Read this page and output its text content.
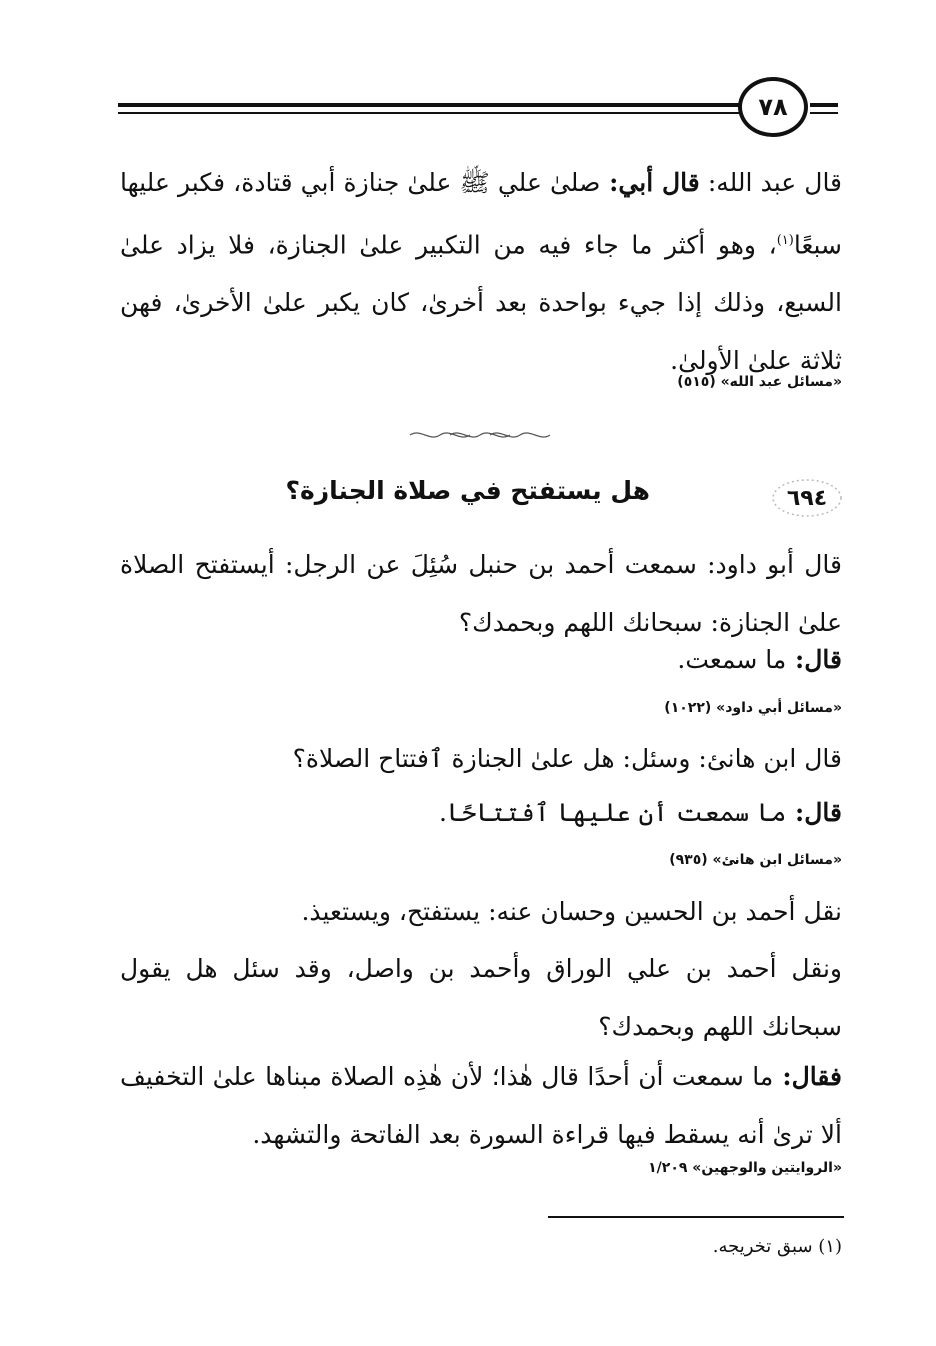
٧٨
قال عبد الله: قال أبي: صلىٰ علي ﷺ علىٰ جنازة أبي قتادة، فكبر عليها سبعًا$^{(١)}$، وهو أكثر ما جاء فيه من التكبير علىٰ الجنازة، فلا يزاد علىٰ السبع، وذلك إذا جيء بواحدة بعد أخرىٰ، كان يكبر علىٰ الأخرىٰ، فهن ثلاثة علىٰ الأولىٰ.
«مسائل عبد الله» (٥١٥)
هل يستفتح في صلاة الجنازة؟	٦٩٤
قال أبو داود: سمعت أحمد بن حنبل سُئِلَ عن الرجل: أيستفتح الصلاة علىٰ الجنازة: سبحانك اللهم وبحمدك؟
قال: ما سمعت.
«مسائل أبي داود» (١٠٢٢)
قال ابن هانئ: وسئل: هل علىٰ الجنازة ٱفتتاح الصلاة؟
قال: ما سمعت أن عليها ٱفتتاحًا.
«مسائل ابن هانئ» (٩٣٥)
نقل أحمد بن الحسين وحسان عنه: يستفتح، ويستعيذ.
ونقل أحمد بن علي الوراق وأحمد بن واصل، وقد سئل هل يقول سبحانك اللهم وبحمدك؟
فقال: ما سمعت أن أحدًا قال هٰذا؛ لأن هٰذِه الصلاة مبناها علىٰ التخفيف ألا ترىٰ أنه يسقط فيها قراءة السورة بعد الفاتحة والتشهد.
«الروايتين والوجهين» ١/٢٠٩
(١) سبق تخريجه.
